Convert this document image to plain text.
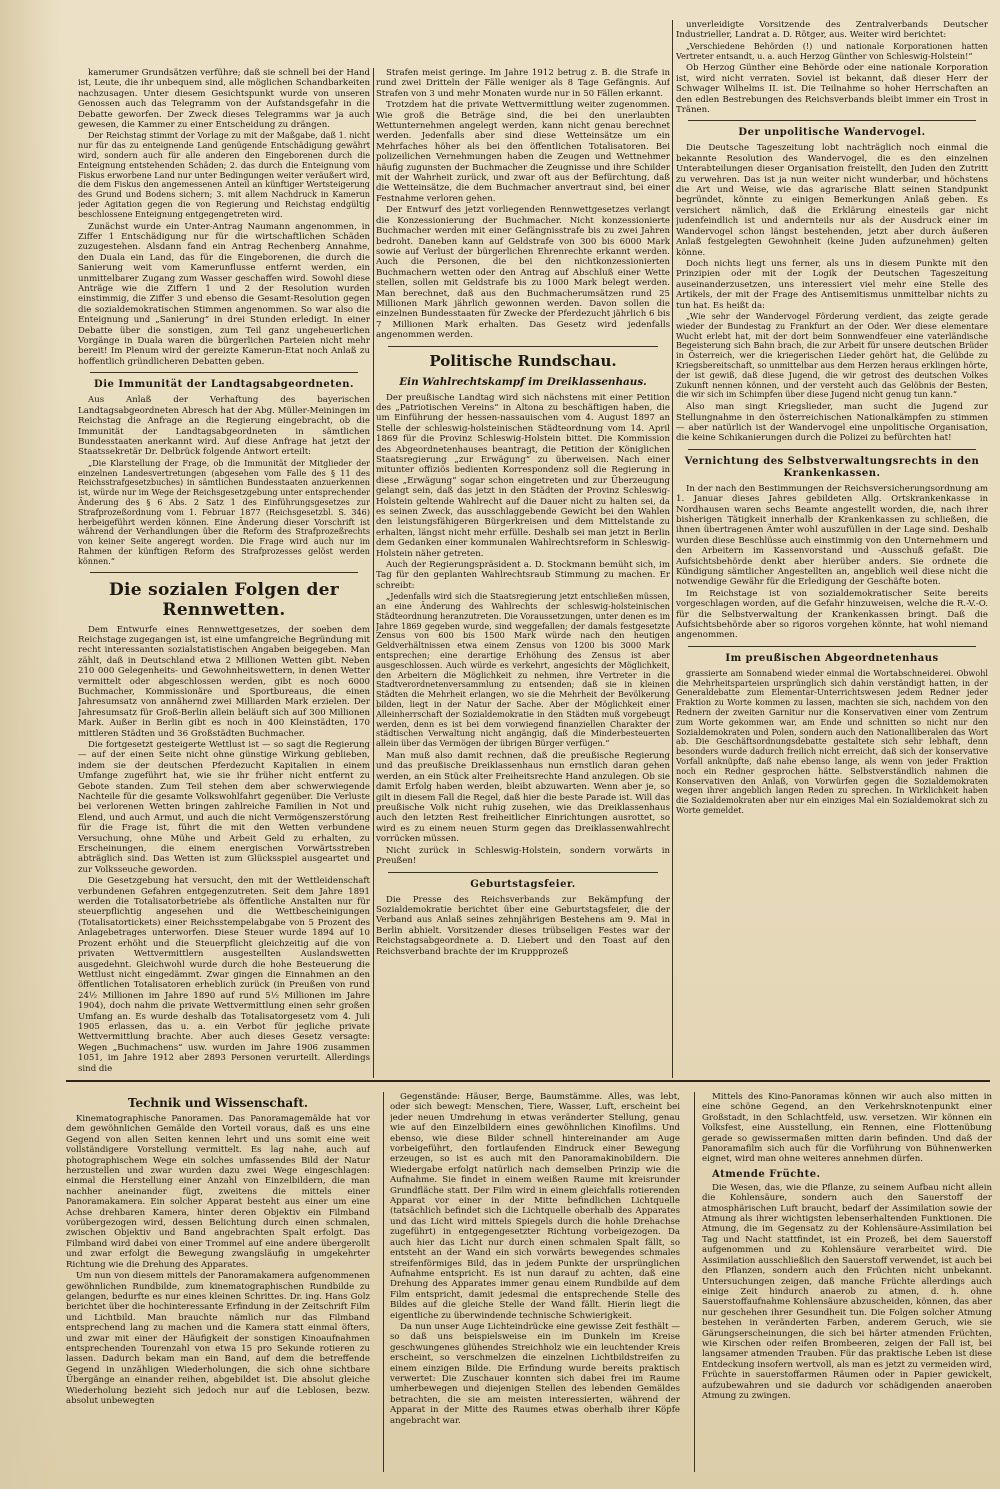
kamerumer Grundsätzen verführe; daß sie schnell bei der Hand ist, Leute, die ihr unbequem sind, alle möglichen Schandbarkeiten nachzusagen. Unter diesem Gesichtspunkt wurde von unseren Genossen auch das Telegramm von der Aufstandsgefahr in die Debatte geworfen. Der Zweck dieses Telegramms war ja auch gewesen, die Kammer zu einer Entscheidung zu drängen.

Der Reichstag stimmt der Vorlage zu mit der Maßgabe, daß 1. nicht nur für das zu enteignende Land genügende Entschädigung gewährt wird, sondern auch für alle anderen den Eingeborenen durch die Enteignung entstehenden Schäden; 2. das durch die Enteignung vom Fiskus erworbene Land nur unter Bedingungen weiter veräußert wird, die dem Fiskus den angemessenen Anteil an künftiger Wertsteigerung des Grund und Bodens sichern; 3. mit allem Nachdruck in Kamerun jeder Agitation gegen die von Regierung und Reichstag endgültig beschlossene Enteignung entgegengetreten wird.

Zunächst wurde ein Unter-Antrag Naumann angenommen, in Ziffer 1 Entschädigung nur für die wirtschaftlichen Schäden zuzugestehen. Alsdann fand ein Antrag Rechenberg Annahme, den Duala ein Land, das für die Eingeborenen, die durch die Sanierung weit vom Kamerunflusse entfernt werden, ein unmittelbarer Zugang zum Wasser geschaffen wird. Sowohl diese Anträge wie die Ziffern 1 und 2 der Resolution wurden einstimmig, die Ziffer 3 und ebenso die Gesamt-Resolution gegen die sozialdemokratischen Stimmen angenommen. So war also die Enteignung und „Sanierung“ in drei Stunden erledigt. In einer Debatte über die sonstigen, zum Teil ganz ungeheuerlichen Vorgänge in Duala waren die bürgerlichen Parteien nicht mehr bereit! Im Plenum wird der gereizte Kamerun-Etat noch Anlaß zu hoffentlich gründlicheren Debatten geben.

Die Immunität der Landtagsabgeordneten.

Aus Anlaß der Verhaftung des bayerischen Landtagsabgeordneten Abresch hat der Abg. Müller-Meiningen im Reichstag die Anfrage an die Regierung eingebracht, ob die Immunität der Landtagsabgeordneten in sämtlichen Bundesstaaten anerkannt wird. Auf diese Anfrage hat jetzt der Staatssekretär Dr. Delbrück folgende Antwort erteilt:

„Die Klarstellung der Frage, ob die Immunität der Mitglieder der einzelnen Landesvertretungen (abgesehen vom Falle des § 11 des Reichsstrafgesetzbuches) in sämtlichen Bundesstaaten anzuerkennen ist, würde nur im Wege der Reichsgesetzgebung unter entsprechender Änderung des § 6 Abs. 2 Satz 1 des Einführungsgesetzes zur Strafprozeßordnung vom 1. Februar 1877 (Reichsgesetzbl. S. 346) herbeigeführt werden können. Eine Änderung dieser Vorschrift ist während der Verhandlungen über die Reform des Strafprozeßrechts von keiner Seite angeregt worden. Die Frage wird auch nur im Rahmen der künftigen Reform des Strafprozesses gelöst werden können.“

Die sozialen Folgen der Rennwetten.

Dem Entwurfe eines Rennwettgesetzes, der soeben dem Reichstage zugegangen ist, ist eine umfangreiche Begründung mit recht interessanten sozialstatistischen Angaben beigegeben. Man zählt, daß in Deutschland etwa 2 Millionen Wetten gibt. Neben 210 000 Gelegenheits- und Gewohnheitswettern, in denen Wetter vermittelt oder abgeschlossen werden, gibt es noch 6000 Buchmacher, Kommissionäre und Sportbureaus, die einen Jahresumsatz von annähernd zwei Milliarden Mark erzielen. Der Jahresumsatz für Groß-Berlin allein beläuft sich auf 300 Millionen Mark. Außer in Berlin gibt es noch in 400 Kleinstädten, 170 mittleren Städten und 36 Großstädten Buchmacher.

Die fortgesetzt gesteigerte Wettlust ist — so sagt die Regierung — auf der einen Seite nicht ohne günstige Wirkung geblieben, indem sie der deutschen Pferdezucht Kapitalien in einem Umfange zugeführt hat, wie sie ihr früher nicht entfernt zu Gebote standen. Zum Teil stehen dem aber schwerwiegende Nachteile für die gesamte Volkswohlfahrt gegenüber. Die Verluste bei verlorenen Wetten bringen zahlreiche Familien in Not und Elend, und auch Armut, und auch die nicht Vermögenszerstörung für die Frage ist, führt die mit den Wetten verbundene Versuchung, ohne Mühe und Arbeit Geld zu erhalten, zu Erscheinungen, die einem energischen Vorwärtsstreben abträglich sind. Das Wetten ist zum Glücksspiel ausgeartet und zur Volksseuche geworden.

Die Gesetzgebung hat versucht, den mit der Wettleidenschaft verbundenen Gefahren entgegenzutreten. Seit dem Jahre 1891 werden die Totalisatorbetriebe als öffentliche Anstalten nur für steuerpflichtig angesehen und die Wettbescheinigungen (Totalisatortickets) einer Reichsstempelabgabe von 5 Prozent des Anlagebetrages unterworfen. Diese Steuer wurde 1894 auf 10 Prozent erhöht und die Steuerpflicht gleichzeitig auf die von privaten Wettvermittlern ausgestellten Auslandswetten ausgedehnt. Gleichwohl wurde durch die hohe Besteuerung die Wettlust nicht eingedämmt. Zwar gingen die Einnahmen an den öffentlichen Totalisatoren erheblich zurück (in Preußen von rund 24½ Millionen im Jahre 1890 auf rund 5½ Millionen im Jahre 1904), doch nahm die private Wettvermittlung einen sehr großen Umfang an. Es wurde deshalb das Totalisatorgesetz vom 4. Juli 1905 erlassen, das u. a. ein Verbot für jegliche private Wettvermittlung brachte. Aber auch dieses Gesetz versagte: Wegen „Buchmachens“ usw. wurden im Jahre 1906 zusammen 1051, im Jahre 1912 aber 2893 Personen verurteilt. Allerdings sind die

Strafen meist geringe. Im Jahre 1912 betrug z. B. die Strafe in rund zwei Dritteln der Fälle weniger als 8 Tage Gefängnis. Auf Strafen von 3 und mehr Monaten wurde nur in 50 Fällen erkannt.

Trotzdem hat die private Wettvermittlung weiter zugenommen. Wie groß die Beträge sind, die bei den unerlaubten Wettunternehmen angelegt werden, kann nicht genau berechnet werden. Jedenfalls aber sind diese Wetteinsätze um ein Mehrfaches höher als bei den öffentlichen Totalisatoren. Bei polizeilichen Vernehmungen haben die Zeugen und Wettnehmer häufig zugunsten der Buchmacher die Zeugnisse und ihre Schilder mit der Wahrheit zurück, und zwar oft aus der Befürchtung, daß die Wetteinsätze, die dem Buchmacher anvertraut sind, bei einer Festnahme verloren gehen.

Der Entwurf des jetzt vorliegenden Rennwettgesetzes verlangt die Konzessionierung der Buchmacher. Nicht konzessionierte Buchmacher werden mit einer Gefängnisstrafe bis zu zwei Jahren bedroht. Daneben kann auf Geldstrafe von 300 bis 6000 Mark sowie auf Verlust der bürgerlichen Ehrenrechte erkannt werden. Auch die Personen, die bei den nichtkonzessionierten Buchmachern wetten oder den Antrag auf Abschluß einer Wette stellen, sollen mit Geldstrafe bis zu 1000 Mark belegt werden. Man berechnet, daß aus den Buchmacherumsätzen rund 25 Millionen Mark jährlich gewonnen werden. Davon sollen die einzelnen Bundesstaaten für Zwecke der Pferdezucht jährlich 6 bis 7 Millionen Mark erhalten. Das Gesetz wird jedenfalls angenommen werden.

Politische Rundschau.
Ein Wahlrechtskampf im Dreiklassenhaus.

Der preußische Landtag wird sich nächstens mit einer Petition des „Patriotischen Vereins“ in Altona zu beschäftigen haben, die um Einführung der hessen-nassauischen vom 4. August 1897 an Stelle der schleswig-holsteinischen Städteordnung vom 14. April 1869 für die Provinz Schleswig-Holstein bittet. Die Kommission des Abgeordnetenhauses beantragt, die Petition der Königlichen Staatsregierung „zur Erwägung“ zu überweisen. Nach einer mitunter offiziös bedienten Korrespondenz soll die Regierung in diese „Erwägung“ sogar schon eingetreten und zur Überzeugung gelangt sein, daß das jetzt in den Städten der Provinz Schleswig-Holstein geltende Wahlrecht auf die Dauer nicht zu halten sei, da es seinen Zweck, das ausschlaggebende Gewicht bei den Wahlen den leistungsfähigeren Bürgerkreisen und dem Mittelstande zu erhalten, längst nicht mehr erfülle. Deshalb sei man jetzt in Berlin dem Gedanken einer kommunalen Wahlrechtsreform in Schleswig-Holstein näher getreten.

Auch der Regierungspräsident a. D. Stockmann bemüht sich, im Tag für den geplanten Wahlrechtsraub Stimmung zu machen. Er schreibt:

„Jedenfalls wird sich die Staatsregierung jetzt entschließen müssen, an eine Änderung des Wahlrechts der schleswig-holsteinischen Städteordnung heranzutreten. Die Voraussetzungen, unter denen es im Jahre 1869 gegeben wurde, sind weggefallen; der damals festgesetzte Zensus von 600 bis 1500 Mark würde nach den heutigen Geldverhältnissen etwa einem Zensus von 1200 bis 3000 Mark entsprechen; eine derartige Erhöhung des Zensus ist aber ausgeschlossen. Auch würde es verkehrt, angesichts der Möglichkeit, den Arbeitern die Möglichkeit zu nehmen, ihre Vertreter in die Stadtverordnetenversammlung zu entsenden; daß sie in kleinen Städten die Mehrheit erlangen, wo sie die Mehrheit der Bevölkerung bilden, liegt in der Natur der Sache. Aber der Möglichkeit einer Alleinherrschaft der Sozialdemokratie in den Städten muß vorgebeugt werden, denn es ist bei dem vorwiegend finanziellen Charakter der städtischen Verwaltung nicht angängig, daß die Minderbesteuerten allein über das Vermögen der übrigen Bürger verfügen.“

Man muß also damit rechnen, daß die preußische Regierung und das preußische Dreiklassenhaus nun ernstlich daran gehen werden, an ein Stück alter Freiheitsrechte Hand anzulegen. Ob sie damit Erfolg haben werden, bleibt abzuwarten. Wenn aber je, so gilt in diesem Fall die Regel, daß hier die beste Parade ist. Will das preußische Volk nicht ruhig zusehen, wie das Dreiklassenhaus auch den letzten Rest freiheitlicher Einrichtungen ausrottet, so wird es zu einem neuen Sturm gegen das Dreiklassenwahlrecht vorrücken müssen.

Nicht zurück in Schleswig-Holstein, sondern vorwärts in Preußen!

Geburtstagsfeier.

Die Presse des Reichsverbands zur Bekämpfung der Sozialdemokratie berichtet über eine Geburtstagsfeier, die der Verband aus Anlaß seines zehnjährigen Bestehens am 9. Mai in Berlin abhielt. Vorsitzender dieses trübseligen Festes war der Reichstagsabgeordnete a. D. Liebert und den Toast auf den Reichsverband brachte der im Kruppprozeß

unverleidigte Vorsitzende des Zentralverbands Deutscher Industrieller, Landrat a. D. Rötger, aus. Weiter wird berichtet:

„Verschiedene Behörden (!) und nationale Korporationen hatten Vertreter entsandt, u. a. auch Herzog Günther von Schleswig-Holstein!“

Ob Herzog Günther eine Behörde oder eine nationale Korporation ist, wird nicht verraten. Soviel ist bekannt, daß dieser Herr der Schwager Wilhelms II. ist. Die Teilnahme so hoher Herrschaften an den edlen Bestrebungen des Reichsverbands bleibt immer ein Trost in Tränen.

Der unpolitische Wandervogel.

Die Deutsche Tageszeitung lobt nachträglich noch einmal die bekannte Resolution des Wandervogel, die es den einzelnen Unterabteilungen dieser Organisation freistellt, den Juden den Zutritt zu verwehren. Das ist ja nun weiter nicht wunderbar, und höchstens die Art und Weise, wie das agrarische Blatt seinen Standpunkt begründet, könnte zu einigen Bemerkungen Anlaß geben. Es versichert nämlich, daß die Erklärung einesteils gar nicht judenfeindlich ist und andernteils nur als der Ausdruck einer im Wandervogel schon längst bestehenden, jetzt aber durch äußeren Anlaß festgelegten Gewohnheit (keine Juden aufzunehmen) gelten könne.

Doch nichts liegt uns ferner, als uns in diesem Punkte mit den Prinzipien oder mit der Logik der Deutschen Tageszeitung auseinanderzusetzen, uns interessiert viel mehr eine Stelle des Artikels, der mit der Frage des Antisemitismus unmittelbar nichts zu tun hat. Es heißt da:

„Wie sehr der Wandervogel Förderung verdient, das zeigte gerade wieder der Bundestag zu Frankfurt an der Oder. Wer diese elementare Wucht erlebt hat, mit der dort beim Sonnwendfeuer eine vaterländische Begeisterung sich Bahn brach, die zur Arbeit für unsere deutschen Brüder in Österreich, wer die kriegerischen Lieder gehört hat, die Gelübde zu Kriegsbereitschaft, so unmittelbar aus dem Herzen heraus erklingen hörte, der ist gewiß, daß diese Jugend, die wir getrost des deutschen Volkes Zukunft nennen können, und der versteht auch das Gelöbnis der Besten, die wir sich im Schimpfen über diese Jugend nicht genug tun kann.“

Also man singt Kriegslieder, man sucht die Jugend zur Stellungnahme in den österreichischen Nationalkämpfen zu stimmen — aber natürlich ist der Wandervogel eine unpolitische Organisation, die keine Schikanierungen durch die Polizei zu befürchten hat!

Vernichtung des Selbstverwaltungsrechts in den Krankenkassen.

In der nach den Bestimmungen der Reichsversicherungsordnung am 1. Januar dieses Jahres gebildeten Allg. Ortskrankenkasse in Nordhausen waren sechs Beamte angestellt worden, die, nach ihrer bisherigen Tätigkeit innerhalb der Krankenkassen zu schließen, die ihnen übertragenen Ämter wohl auszufüllen in der Lage sind. Deshalb wurden diese Beschlüsse auch einstimmig von den Unternehmern und den Arbeitern im Kassenvorstand und -Ausschuß gefaßt. Die Aufsichtsbehörde denkt aber hierüber anders. Sie ordnete die Kündigung sämtlicher Angestellten an, angeblich weil diese nicht die notwendige Gewähr für die Erledigung der Geschäfte boten.

Im Reichstage ist von sozialdemokratischer Seite bereits vorgeschlagen worden, auf die Gefahr hinzuweisen, welche die R.-V.-O. für die Selbstverwaltung der Krankenkassen bringt. Daß die Aufsichtsbehörde aber so rigoros vorgehen könnte, hat wohl niemand angenommen.

Im preußischen Abgeordnetenhaus

grassierte am Sonnabend wieder einmal die Wortabschneiderei. Obwohl die Mehrheitsparteien ursprünglich sich dahin verständigt hatten, in der Generaldebatte zum Elementar-Unterrichtswesen jedem Redner jeder Fraktion zu Worte kommen zu lassen, machten sie sich, nachdem von den Rednern der zweiten Garnitur nur die Konservativen einer vom Zentrum zum Worte gekommen war, am Ende und schnitten so nicht nur den Sozialdemokraten und Polen, sondern auch den Nationalliberalen das Wort ab. Die Geschäftsordnungsdebatte gestaltete sich sehr lebhaft, denn besonders wurde dadurch freilich nicht erreicht, daß sich der konservative Vorfall anknüpfte, daß nahe ebenso lange, als wenn von jeder Fraktion noch ein Redner gesprochen hätte. Selbstverständlich nahmen die Konservativen den Anlaß, von Vorwürfen gegen die Sozialdemokraten wegen ihrer angeblich langen Reden zu sprechen. In Wirklichkeit haben die Sozialdemokraten aber nur ein einziges Mal ein Sozialdemokrat sich zu Worte gemeldet.

Technik und Wissenschaft.

Kinematographische Panoramen. Das Panoramagemälde hat vor dem gewöhnlichen Gemälde den Vorteil voraus, daß es uns eine Gegend von allen Seiten kennen lehrt und uns somit eine weit vollständigere Vorstellung vermittelt. Es lag nahe, auch auf photographischem Wege ein solches umfassendes Bild der Natur herzustellen und zwar wurden dazu zwei Wege eingeschlagen: einmal die Herstellung einer Anzahl von Einzelbildern, die man nachher aneinander fügt, zweitens die mittels einer Panoramakamera. Ein solcher Apparat besteht aus einer um eine Achse drehbaren Kamera, hinter deren Objektiv ein Filmband vorübergezogen wird, dessen Belichtung durch einen schmalen, zwischen Objektiv und Band angebrachten Spalt erfolgt. Das Filmband wird dabei von einer Trommel auf eine andere übergerollt und zwar erfolgt die Bewegung zwangsläufig in umgekehrter Richtung wie die Drehung des Apparates.

Um nun von diesem mittels der Panoramakamera aufgenommenen gewöhnlichen Rundbilde, zum kinematographischen Rundbilde zu gelangen, bedurfte es nur eines kleinen Schrittes. Dr. ing. Hans Golz berichtet über die hochinteressante Erfindung in der Zeitschrift Film und Lichtbild. Man brauchte nämlich nur das Filmband entsprechend lang zu machen und die Kamera statt einmal öfters, und zwar mit einer der Häufigkeit der sonstigen Kinoaufnahmen entsprechenden Tourenzahl von etwa 15 pro Sekunde rotieren zu lassen. Dadurch bekam man ein Band, auf dem die betreffende Gegend in unzähligen Wiederholungen, die sich ohne sichtbare Übergänge an einander reihen, abgebildet ist. Die absolut gleiche Wiederholung bezieht sich jedoch nur auf die Leblosen, bezw. absolut unbewegten

Gegenstände: Häuser, Berge, Baumstämme. Alles, was lebt, oder sich bewegt: Menschen, Tiere, Wasser, Luft, erscheint bei jeder neuen Umdrehung in etwas veränderter Stellung, genau wie auf den Einzelbildern eines gewöhnlichen Kinofilms. Und ebenso, wie diese Bilder schnell hintereinander am Auge vorbeigeführt, den fortlaufenden Eindruck einer Bewegung erzeugen, so ist es auch mit den Panoramakinobildern. Die Wiedergabe erfolgt natürlich nach demselben Prinzip wie die Aufnahme. Sie findet in einem weißen Raume mit kreisrunder Grundfläche statt. Der Film wird in einem gleichfalls rotierenden Apparat vor einer in der Mitte befindlichen Lichtquelle (tatsächlich befindet sich die Lichtquelle oberhalb des Apparates und das Licht wird mittels Spiegels durch die hohle Drehachse zugeführt) in entgegengesetzter Richtung vorbeigezogen. Da auch hier das Licht nur durch einen schmalen Spalt fällt, so entsteht an der Wand ein sich vorwärts bewegendes schmales streifenförmiges Bild, das in jedem Punkte der ursprünglichen Aufnahme entspricht. Es ist nun darauf zu achten, daß eine Drehung des Apparates immer genau einem Rundbilde auf dem Film entspricht, damit jedesmal die entsprechende Stelle des Bildes auf die gleiche Stelle der Wand fällt. Hierin liegt die eigentliche zu überwindende technische Schwierigkeit.

Da nun unser Auge Lichteindrücke eine gewisse Zeit festhält — so daß uns beispielsweise ein im Dunkeln im Kreise geschwungenes glühendes Streichholz wie ein leuchtender Kreis erscheint, so verschmelzen die einzelnen Lichtbildstreifen zu einem einzigen Bilde. Die Erfindung wurde bereits praktisch verwertet: Die Zuschauer konnten sich dabei frei im Raume umherbewegen und diejenigen Stellen des lebenden Gemäldes betrachten, die sie am meisten interessierten, während der Apparat in der Mitte des Raumes etwas oberhalb ihrer Köpfe angebracht war.

Mittels des Kino-Panoramas können wir auch also mitten in eine schöne Gegend, an den Verkehrsknotenpunkt einer Großstadt, in den Schlachtfeld, usw. versetzen. Wir können ein Volksfest, eine Ausstellung, ein Rennen, eine Flottenübung gerade so gewissermaßen mitten darin befinden. Und daß der Panoramafilm sich auch für die Vorführung von Bühnenwerken eignet, wird man ohne weiteres annehmen dürfen.

Atmende Früchte.

Die Wesen, das, wie die Pflanze, zu seinem Aufbau nicht allein die Kohlensäure, sondern auch den Sauerstoff der atmosphärischen Luft braucht, bedarf der Assimilation sowie der Atmung als ihrer wichtigsten lebenserhaltenden Funktionen. Die Atmung, die im Gegensatz zu der Kohlensäure-Assimilation bei Tag und Nacht stattfindet, ist ein Prozeß, bei dem Sauerstoff aufgenommen und zu Kohlensäure verarbeitet wird. Die Assimilation ausschließlich den Sauerstoff verwendet, ist auch bei den Pflanzen, sondern auch den Früchten nicht unbekannt. Untersuchungen zeigen, daß manche Früchte allerdings auch einige Zeit hindurch anaerob zu atmen, d. h. ohne Sauerstoffaufnahme Kohlensäure abzuscheiden, können, das aber nur geschehen ihrer Gesundheit tun. Die Folgen solcher Atmung bestehen in veränderten Farben, anderem Geruch, wie sie Gärungserscheinungen, die sich bei härter atmenden Früchten, wie Kirschen oder reifen Brombeeren, zeigen der Fall ist, bei langsamer atmenden Trauben. Für das praktische Leben ist diese Entdeckung insofern wertvoll, als man es jetzt zu vermeiden wird, Früchte in sauerstoffarmen Räumen oder in Papier gewickelt, aufzubewahren und sie dadurch vor schädigenden anaeroben Atmung zu zwingen.
